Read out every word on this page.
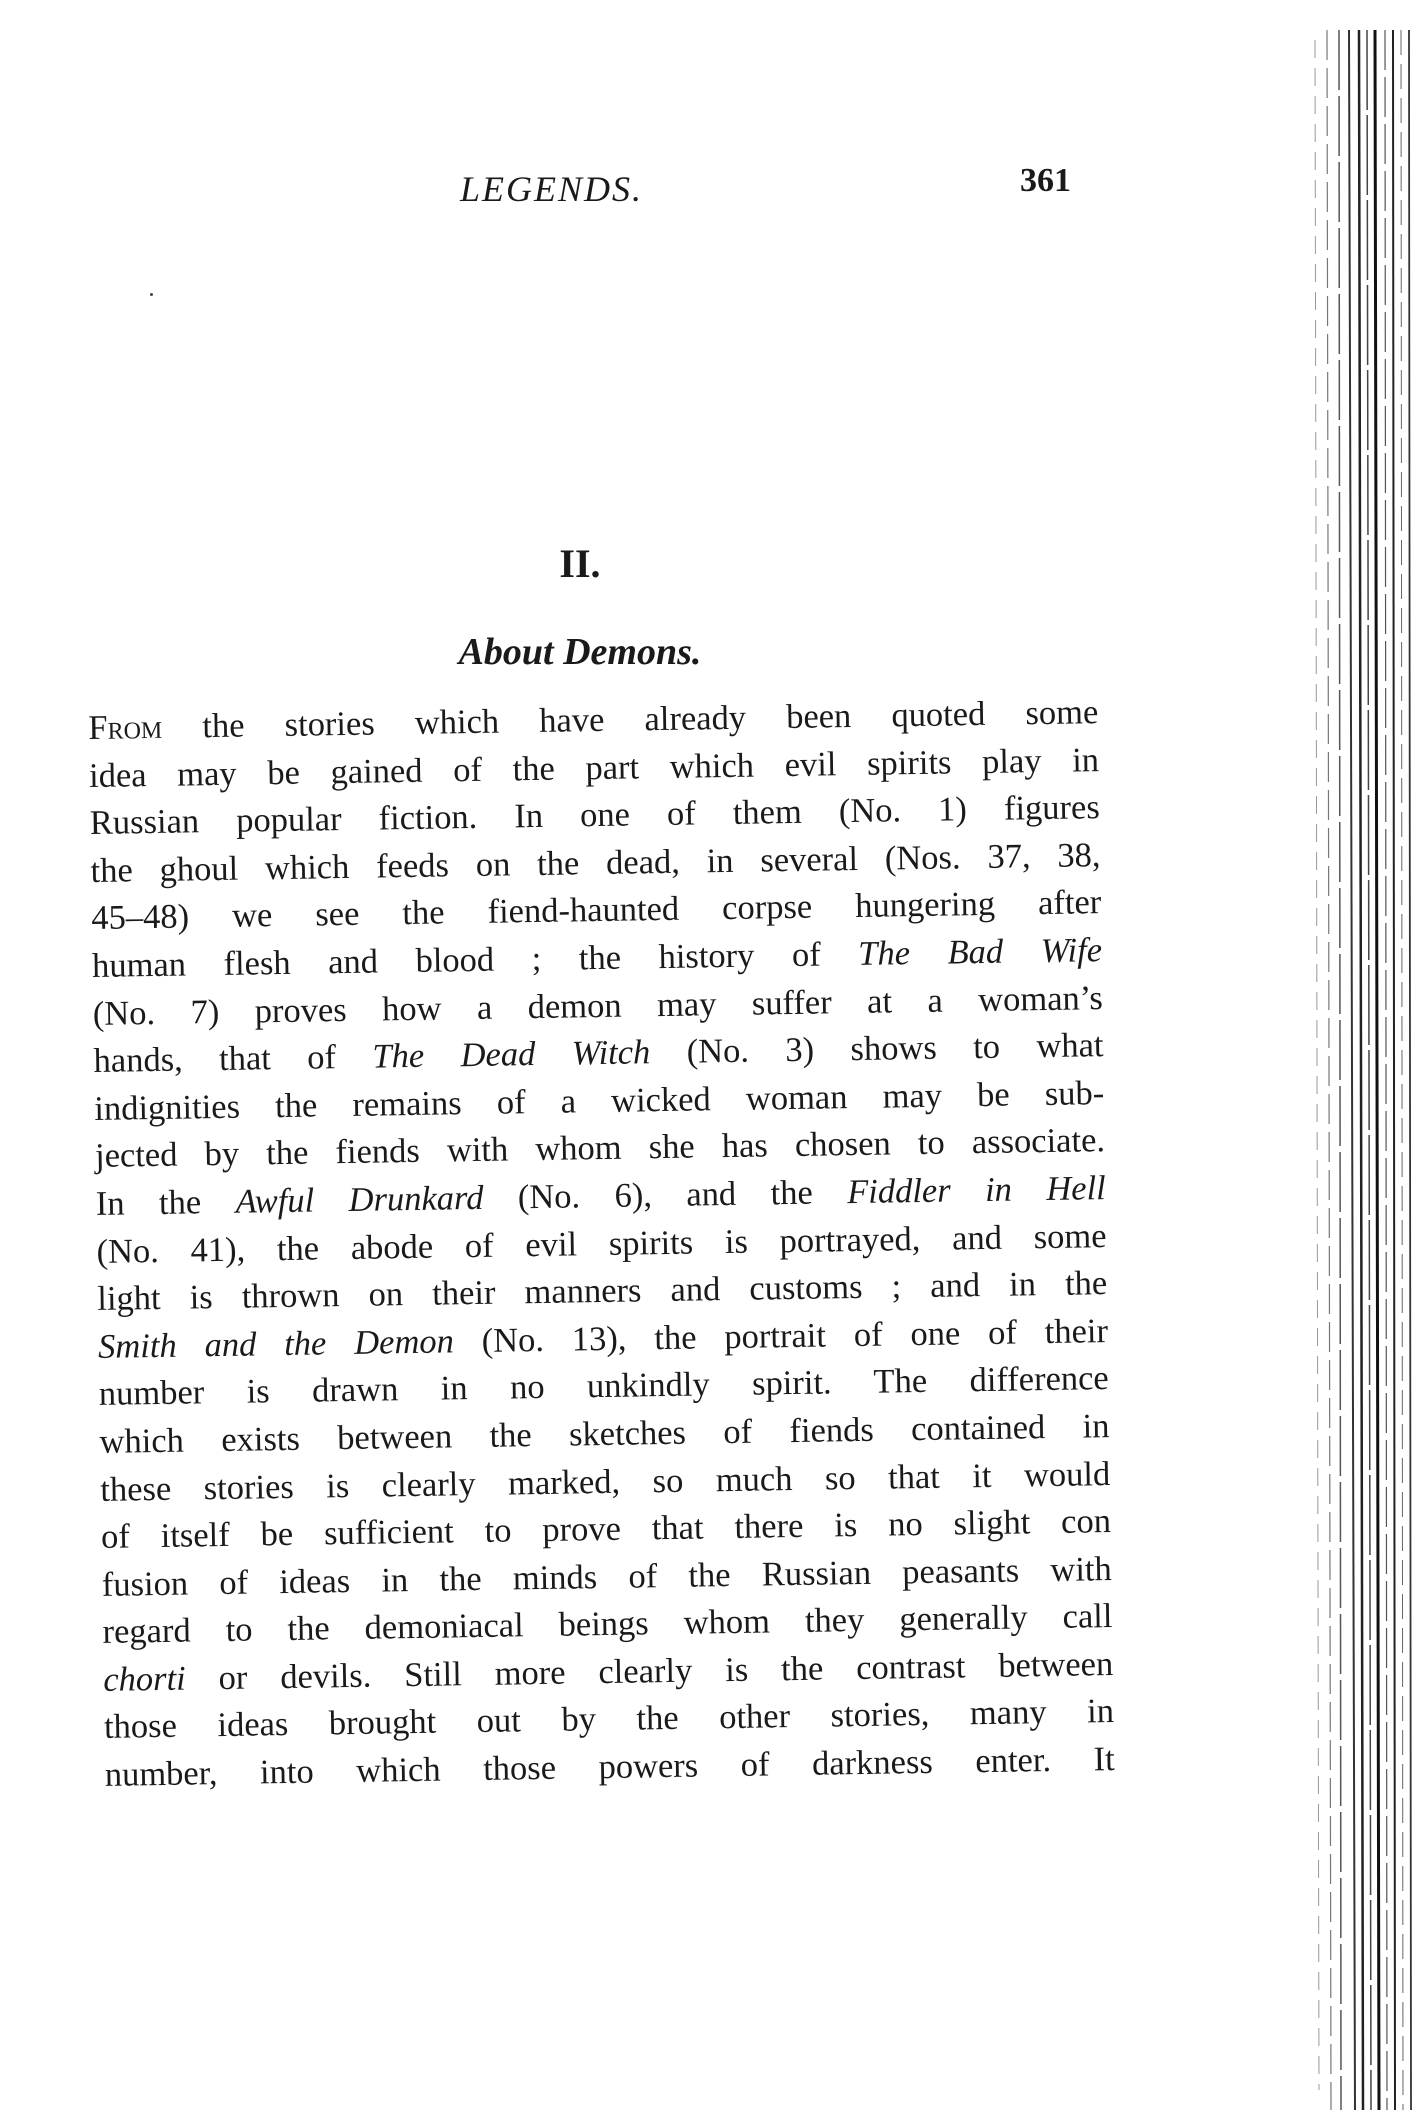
LEGENDS.	361
II.
About Demons.
From the stories which have already been quoted some
idea may be gained of the part which evil spirits play in
Russian popular fiction. In one of them (No. 1) figures
the ghoul which feeds on the dead, in several (Nos. 37, 38,
45–48) we see the fiend-haunted corpse hungering after
human flesh and blood ; the history of The Bad Wife
(No. 7) proves how a demon may suffer at a woman’s
hands, that of The Dead Witch (No. 3) shows to what
indignities the remains of a wicked woman may be sub-
jected by the fiends with whom she has chosen to associate.
In the Awful Drunkard (No. 6), and the Fiddler in Hell
(No. 41), the abode of evil spirits is portrayed, and some
light is thrown on their manners and customs ; and in the
Smith and the Demon (No. 13), the portrait of one of their
number is drawn in no unkindly spirit. The difference
which exists between the sketches of fiends contained in
these stories is clearly marked, so much so that it would
of itself be sufficient to prove that there is no slight con
fusion of ideas in the minds of the Russian peasants with
regard to the demoniacal beings whom they generally call
chorti or devils. Still more clearly is the contrast between
those ideas brought out by the other stories, many in
number, into which those powers of darkness enter. It
